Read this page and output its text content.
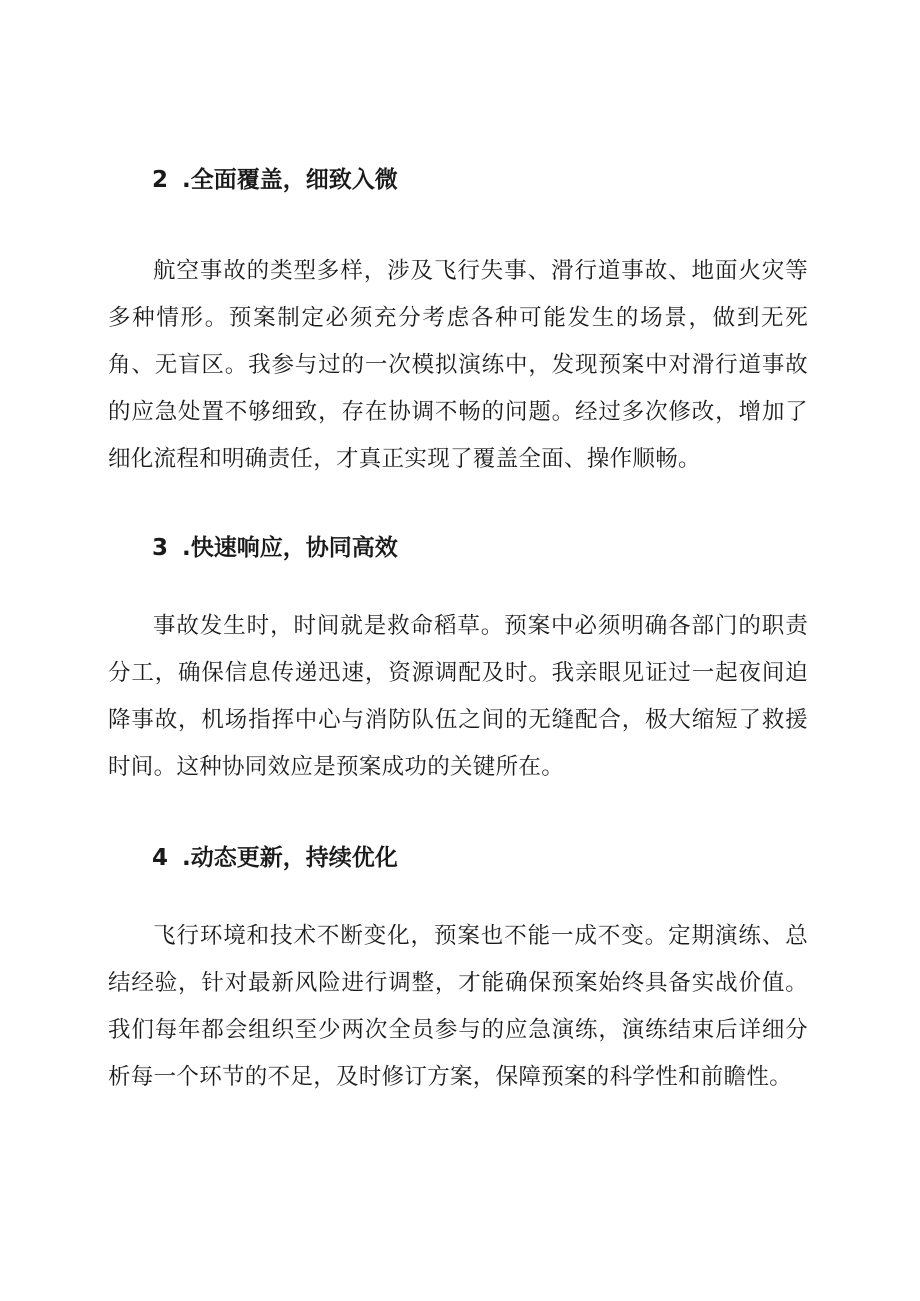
2 .全面覆盖，细致入微

航空事故的类型多样，涉及飞行失事、滑行道事故、地面火灾等多种情形。预案制定必须充分考虑各种可能发生的场景，做到无死角、无盲区。我参与过的一次模拟演练中，发现预案中对滑行道事故的应急处置不够细致，存在协调不畅的问题。经过多次修改，增加了细化流程和明确责任，才真正实现了覆盖全面、操作顺畅。

3 .快速响应，协同高效

事故发生时，时间就是救命稻草。预案中必须明确各部门的职责分工，确保信息传递迅速，资源调配及时。我亲眼见证过一起夜间迫降事故，机场指挥中心与消防队伍之间的无缝配合，极大缩短了救援时间。这种协同效应是预案成功的关键所在。

4 .动态更新，持续优化

飞行环境和技术不断变化，预案也不能一成不变。定期演练、总结经验，针对最新风险进行调整，才能确保预案始终具备实战价值。我们每年都会组织至少两次全员参与的应急演练，演练结束后详细分析每一个环节的不足，及时修订方案，保障预案的科学性和前瞻性。
